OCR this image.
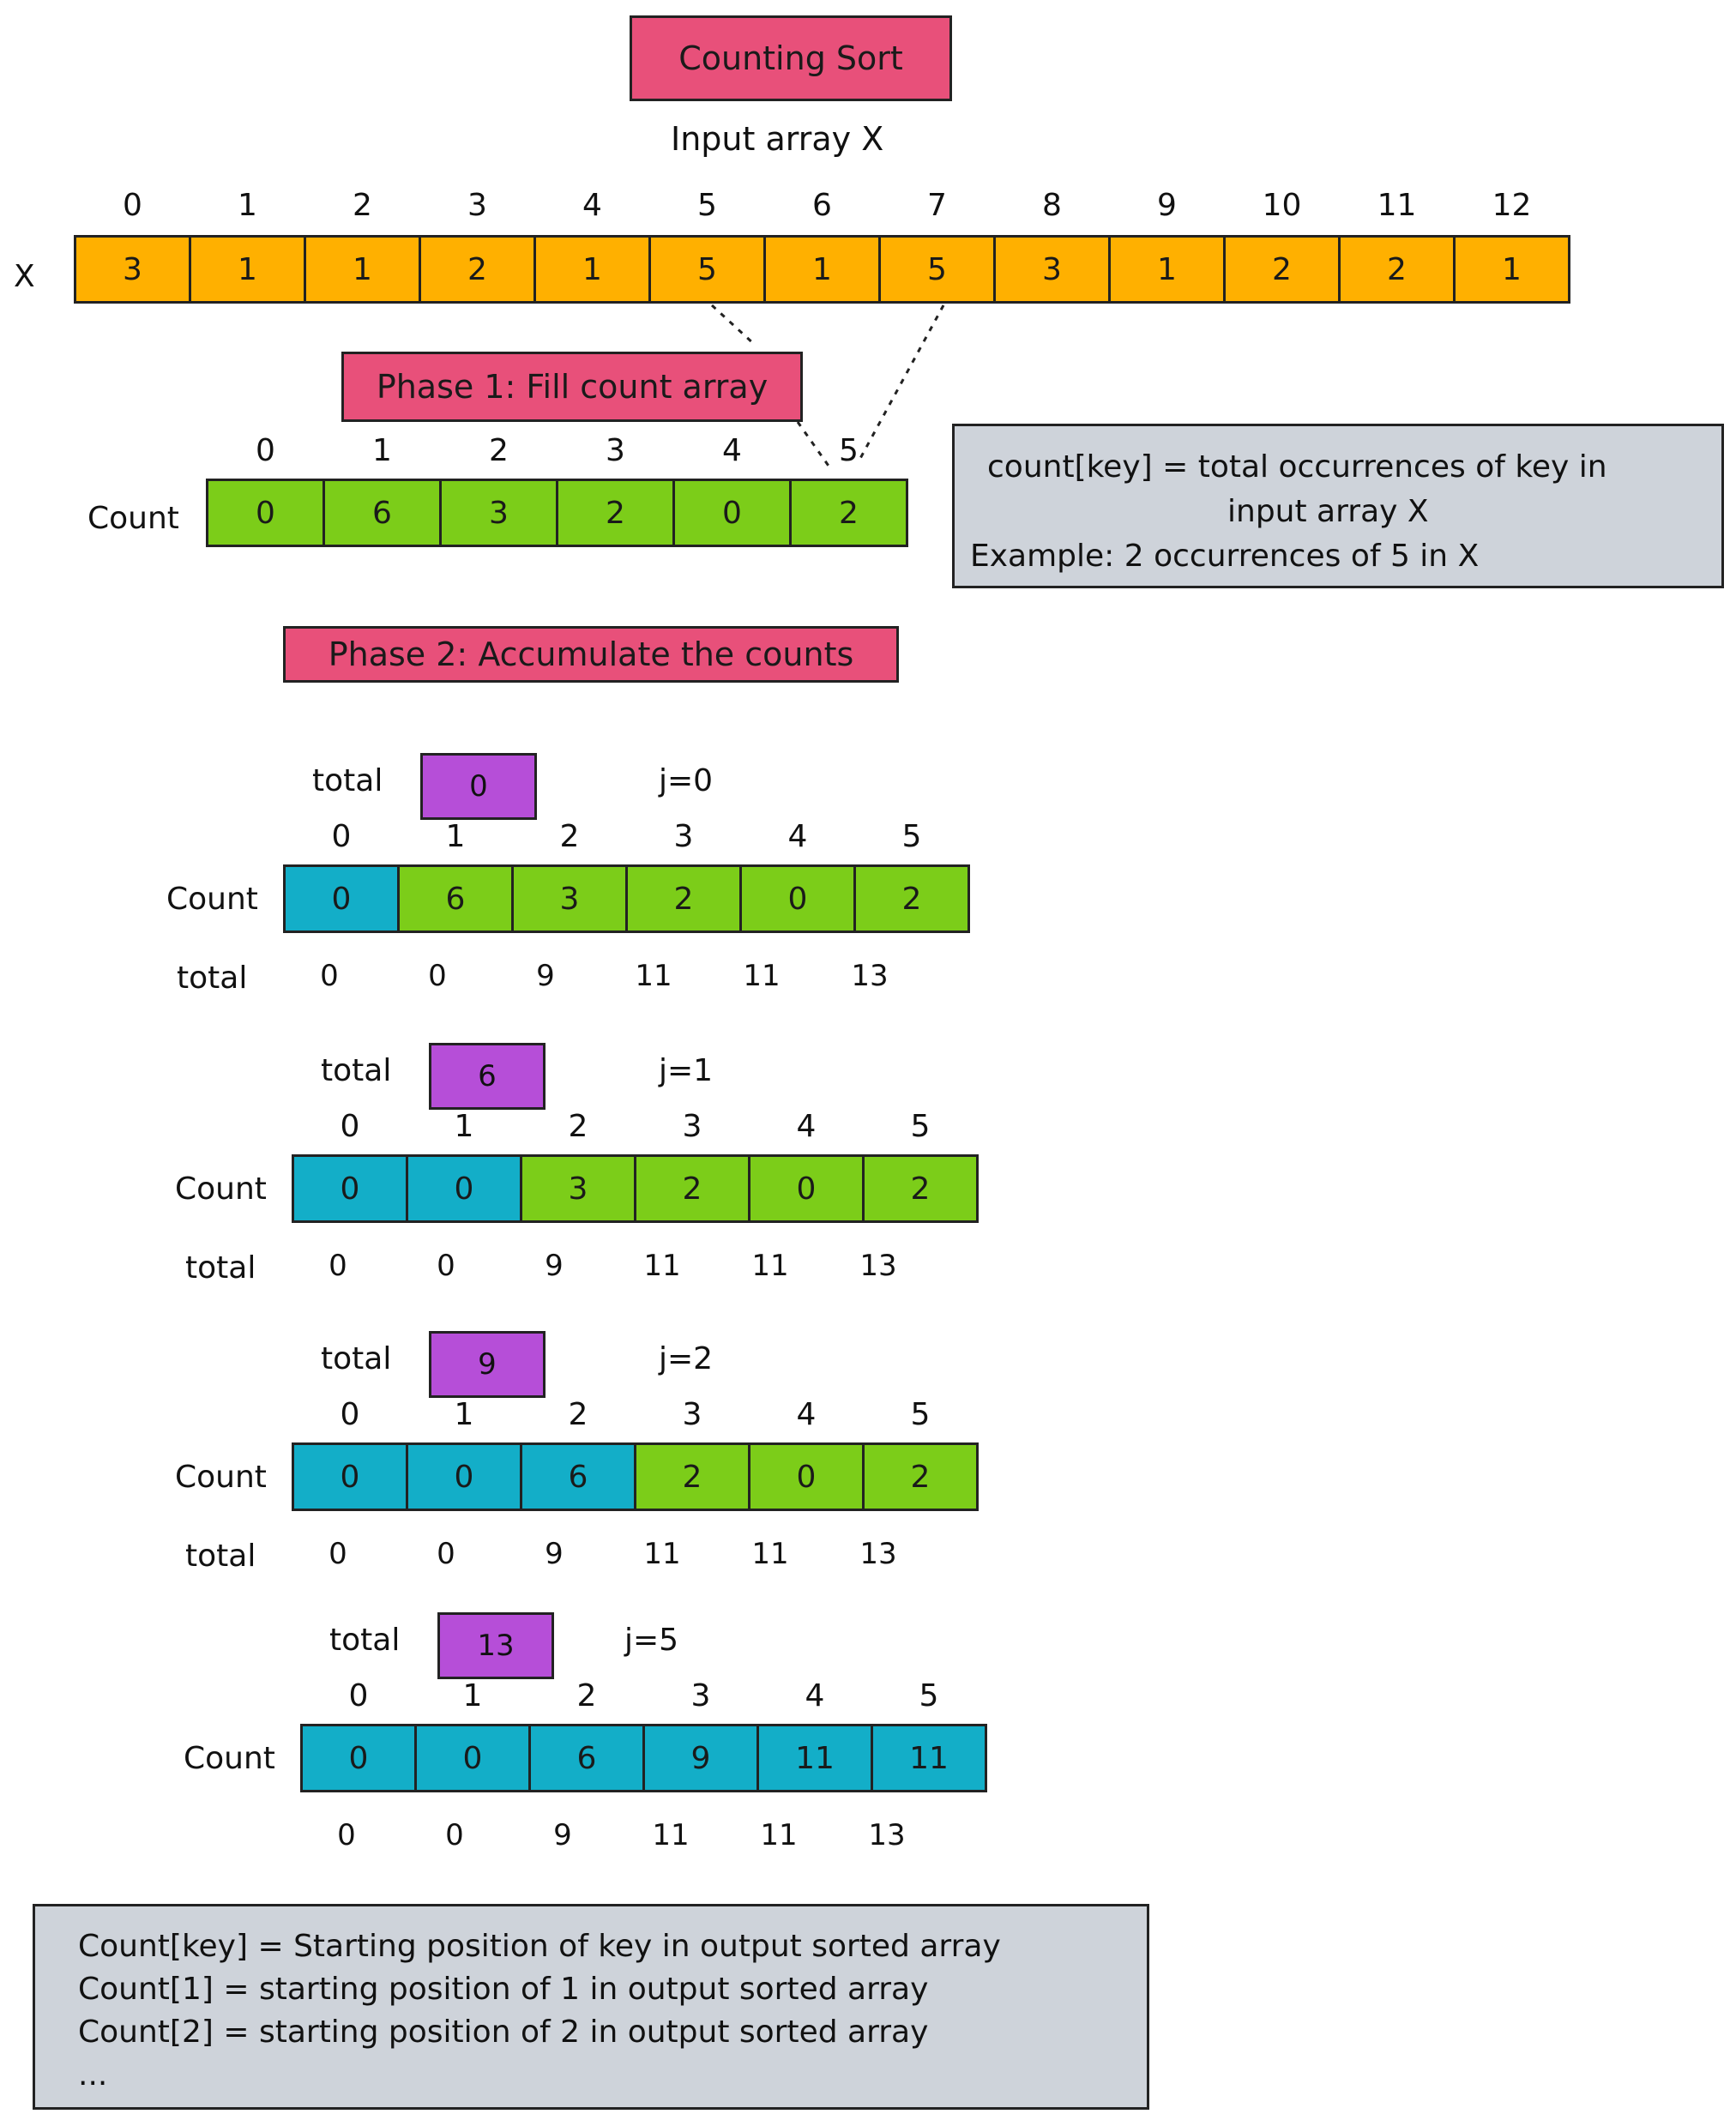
Counting Sort
Input array X
X
0	1	2	3	4	5	6	7	8	9	10	11	12
3	1	1	2	1	5	1	5	3	1	2	2	1
Phase 1: Fill count array
Count
0	1	2	3	4	5
0	6	3	2	0	2
count[key] = total occurrences of key in
input array X
Example: 2 occurrences of 5 in X
Phase 2: Accumulate the counts
total	0	j=0
Count
0	1	2	3	4	5
0	6	3	2	0	2
total	0	0	9	11	11	13
total	6	j=1
Count
0	1	2	3	4	5
0	0	3	2	0	2
total	0	0	9	11	11	13
total	9	j=2
Count
0	1	2	3	4	5
0	0	6	2	0	2
total	0	0	9	11	11	13
total	13	j=5
Count
0	1	2	3	4	5
0	0	6	9	11	11
0	0	9	11	11	13
Count[key] = Starting position of key in output sorted array
Count[1] = starting position of 1 in output sorted array
Count[2] = starting position of 2 in output sorted array
...
